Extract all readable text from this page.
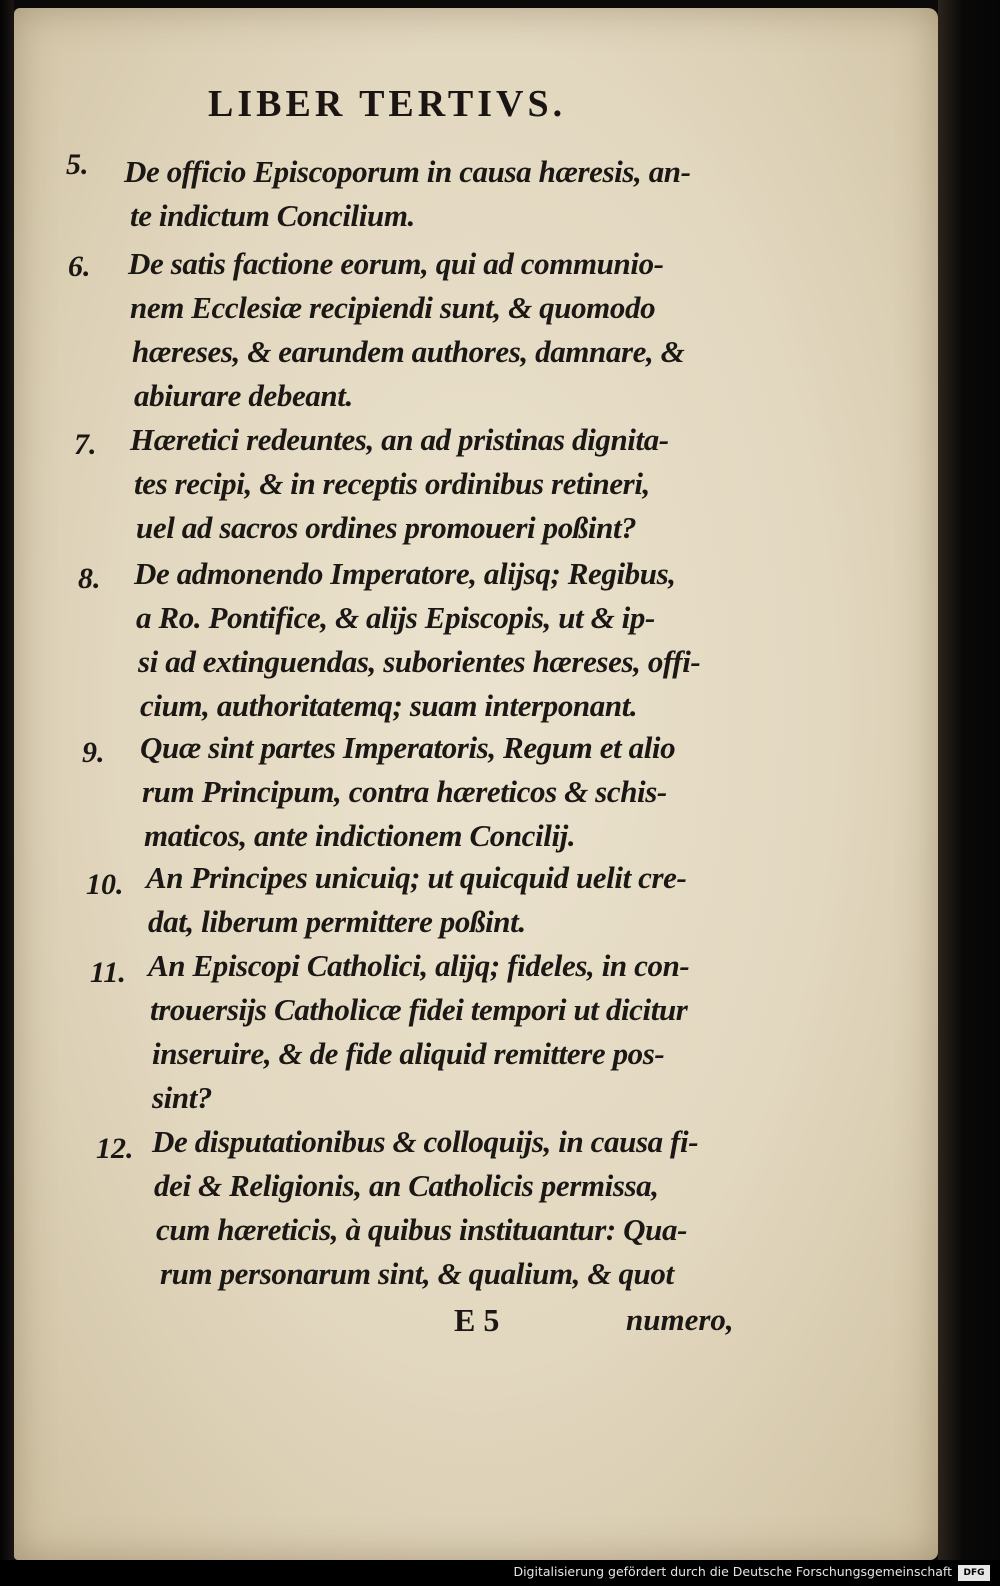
LIBER TERTIVS.
5. De officio Episcoporum in causa hæresis, an-
te indictum Concilium.
6. De satis factione eorum, qui ad communio-
nem Ecclesiæ recipiendi sunt, & quomodo
hæreses, & earundem authores, damnare, &
abiurare debeant.
7. Hæretici redeuntes, an ad pristinas dignita-
tes recipi, & in receptis ordinibus retineri,
uel ad sacros ordines promoueri poßint?
8. De admonendo Imperatore, alijsq; Regibus,
a Ro. Pontifice, & alijs Episcopis, ut & ip-
si ad extinguendas, suborientes hæreses, offi-
cium, authoritatemq; suam interponant.
9. Quæ sint partes Imperatoris, Regum et alio
rum Principum, contra hæreticos & schis-
maticos, ante indictionem Concilij.
10. An Principes unicuiq; ut quicquid uelit cre-
dat, liberum permittere poßint.
11. An Episcopi Catholici, alijq; fideles, in con-
trouersijs Catholicæ fidei tempori ut dicitur
inseruire, & de fide aliquid remittere pos-
sint?
12. De disputationibus & colloquijs, in causa fi-
dei & Religionis, an Catholicis permissa,
cum hæreticis, à quibus instituantur: Qua-
rum personarum sint, & qualium, & quot
E 5	numero,
Digitalisierung gefördert durch die Deutsche Forschungsgemeinschaft	DFG
